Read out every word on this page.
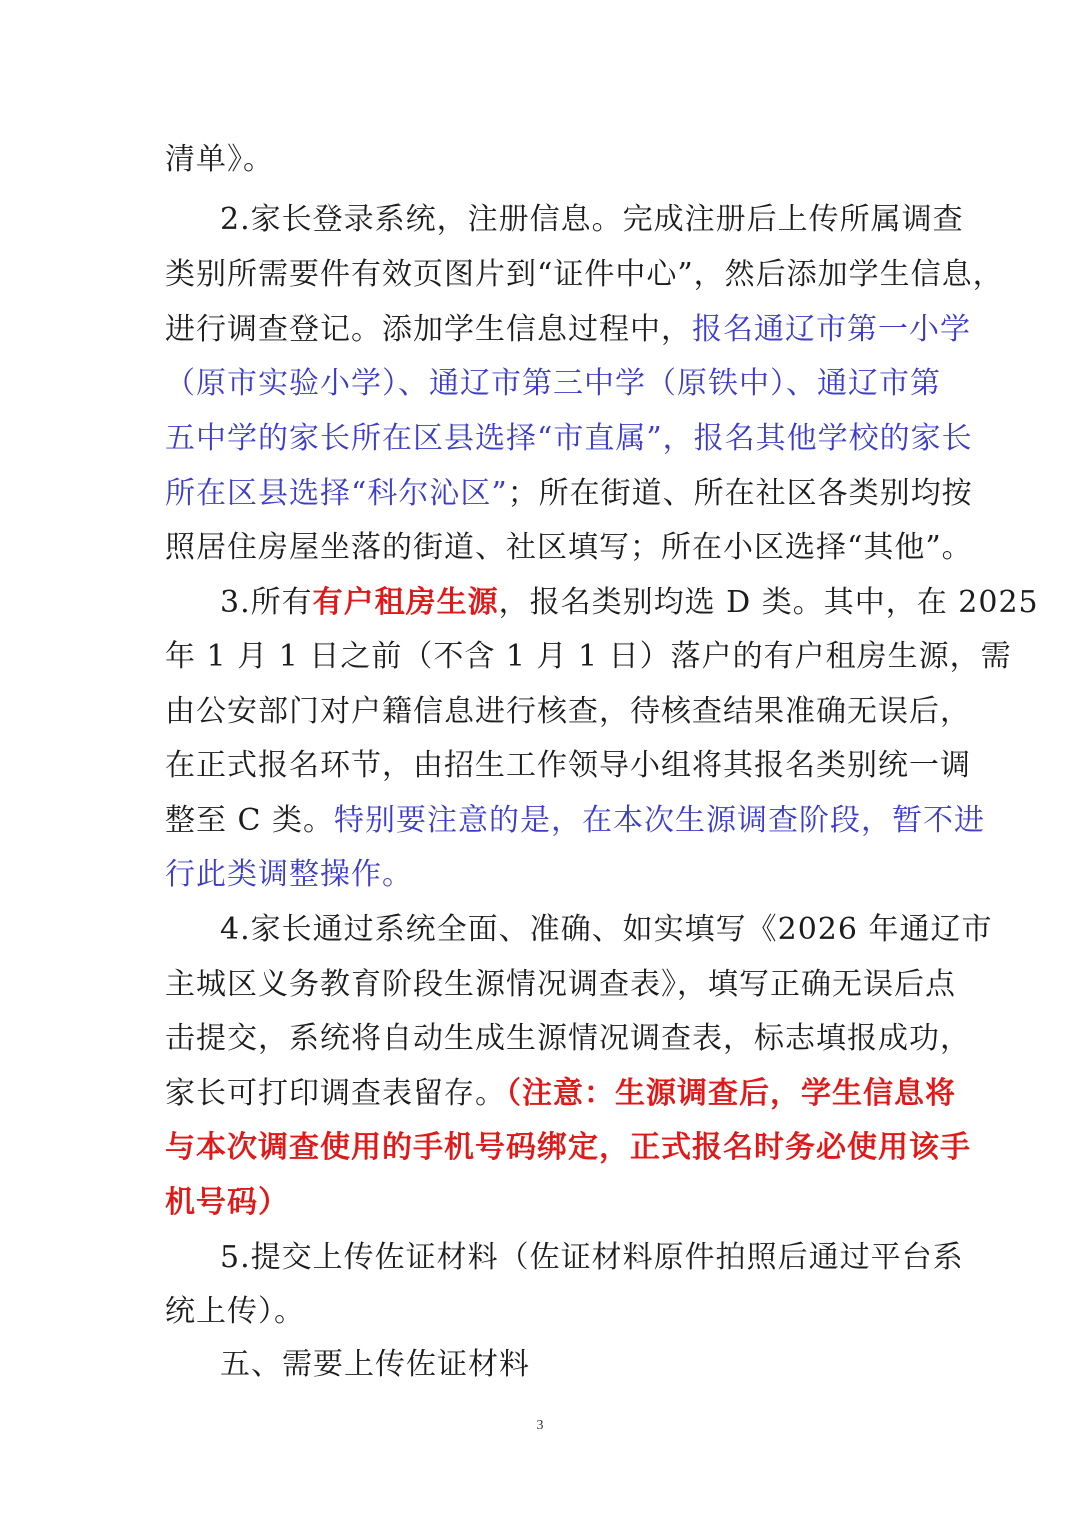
清单》。
2.家长登录系统，注册信息。完成注册后上传所属调查
类别所需要件有效页图片到“证件中心”，然后添加学生信息，
进行调查登记。添加学生信息过程中，报名通辽市第一小学
（原市实验小学）、通辽市第三中学（原铁中）、通辽市第
五中学的家长所在区县选择“市直属”，报名其他学校的家长
所在区县选择“科尔沁区”；所在街道、所在社区各类别均按
照居住房屋坐落的街道、社区填写；所在小区选择“其他”。
3.所有有户租房生源，报名类别均选 D 类。其中，在 2025
年 1 月 1 日之前（不含 1 月 1 日）落户的有户租房生源，需
由公安部门对户籍信息进行核查，待核查结果准确无误后，
在正式报名环节，由招生工作领导小组将其报名类别统一调
整至 C 类。特别要注意的是，在本次生源调查阶段，暂不进
行此类调整操作。
4.家长通过系统全面、准确、如实填写《2026 年通辽市
主城区义务教育阶段生源情况调查表》，填写正确无误后点
击提交，系统将自动生成生源情况调查表，标志填报成功，
家长可打印调查表留存。（注意：生源调查后，学生信息将
与本次调查使用的手机号码绑定，正式报名时务必使用该手
机号码）
5.提交上传佐证材料（佐证材料原件拍照后通过平台系
统上传）。
五、需要上传佐证材料
3
